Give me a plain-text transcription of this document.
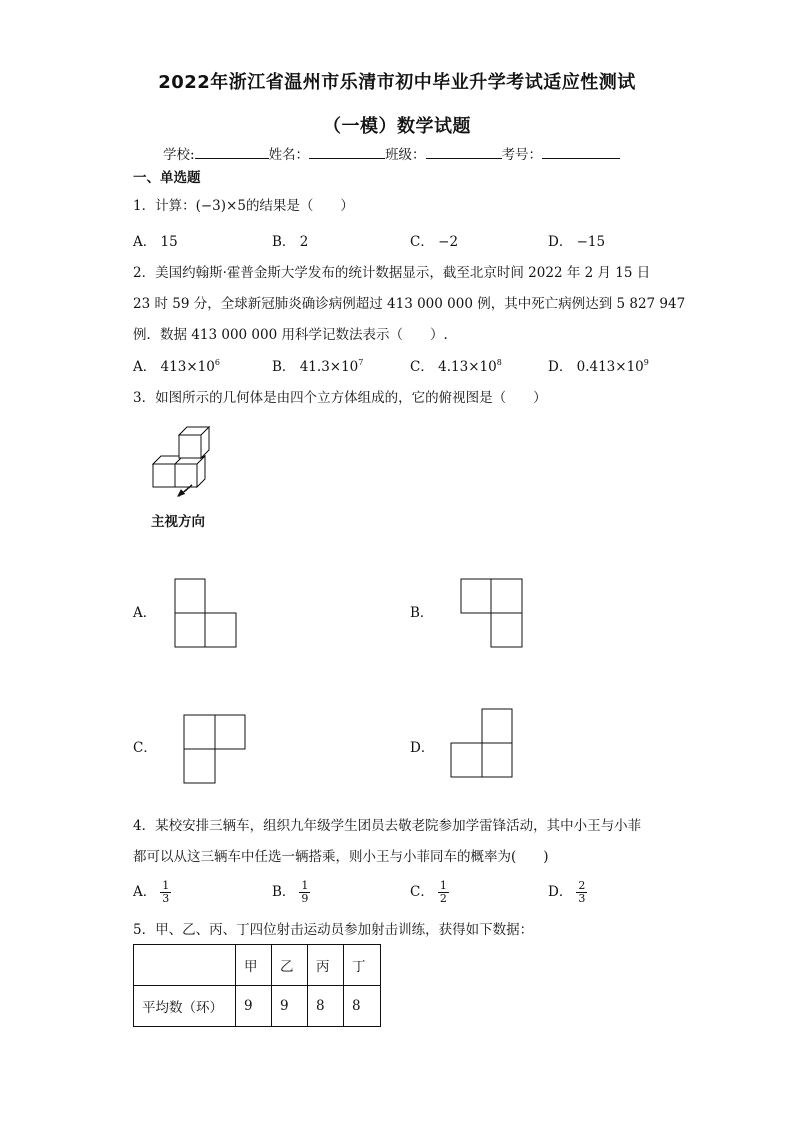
2022年浙江省温州市乐清市初中毕业升学考试适应性测试
（一模）数学试题
学校:	姓名：	班级：	考号：
一、单选题
1．计算：(−3)×5的结果是（　　）
A． 15	B． 2	C． −2	D． −15
2．美国约翰斯·霍普金斯大学发布的统计数据显示，截至北京时间 2022 年 2 月 15 日
23 时 59 分，全球新冠肺炎确诊病例超过 413 000 000 例，其中死亡病例达到 5 827 947
例．数据 413 000 000 用科学记数法表示（　　）.
A． $413\times 10^6$	B． $41.3\times 10^7$	C． $4.13\times 10^8$	D． $0.413\times 10^9$
3．如图所示的几何体是由四个立方体组成的，它的俯视图是（　　）
主视方向
A．	B．
C．	D．
4．某校安排三辆车，组织九年级学生团员去敬老院参加学雷锋活动，其中小王与小菲
都可以从这三辆车中任选一辆搭乘，则小王与小菲同车的概率为(　　)
A． $\frac{1}{3}$	B． $\frac{1}{9}$	C． $\frac{1}{2}$	D． $\frac{2}{3}$
5．甲、乙、丙、丁四位射击运动员参加射击训练，获得如下数据：
	甲	乙	丙	丁
平均数（环）	9	9	8	8
